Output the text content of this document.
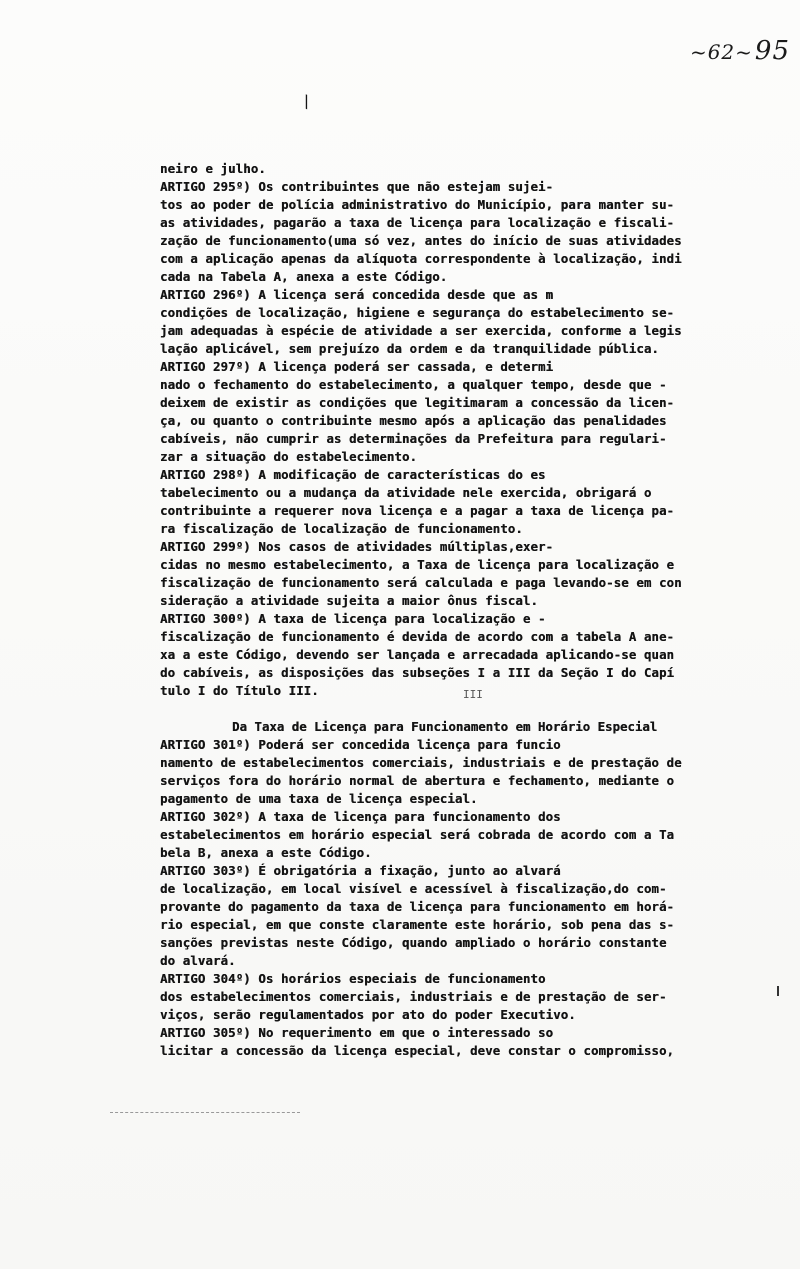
~62~95
\
neiro e julho.
ARTIGO 295º) Os contribuintes que não estejam sujei-
tos ao poder de polícia administrativo do Município, para manter su-
as atividades, pagarão a taxa de licença para localização e fiscali-
zação de funcionamento(uma só vez, antes do início de suas atividades
com a aplicação apenas da alíquota correspondente à localização, indi
cada na Tabela A, anexa a este Código.
ARTIGO 296º) A licença será concedida desde que as m
condições de localização, higiene e segurança do estabelecimento se-
jam adequadas à espécie de atividade a ser exercida, conforme a legis
lação aplicável, sem prejuízo da ordem e da tranquilidade pública.
ARTIGO 297º) A licença poderá ser cassada, e determi
nado o fechamento do estabelecimento, a qualquer tempo, desde que -
deixem de existir as condições que legitimaram a concessão da licen-
ça, ou quanto o contribuinte mesmo após a aplicação das penalidades
cabíveis, não cumprir as determinações da Prefeitura para regulari-
zar a situação do estabelecimento.
ARTIGO 298º) A modificação de características do es
tabelecimento ou a mudança da atividade nele exercida, obrigará o
contribuinte a requerer nova licença e a pagar a taxa de licença pa-
ra fiscalização de localização de funcionamento.
ARTIGO 299º) Nos casos de atividades múltiplas,exer-
cidas no mesmo estabelecimento, a Taxa de licença para localização e
fiscalização de funcionamento será calculada e paga levando-se em con
sideração a atividade sujeita a maior ônus fiscal.
ARTIGO 300º) A taxa de licença para localização e -
fiscalização de funcionamento é devida de acordo com a tabela A ane-
xa a este Código, devendo ser lançada e arrecadada aplicando-se quan
do cabíveis, as disposições das subseções I a III da Seção I do Capí
tulo I do Título III.	III
Da Taxa de Licença para Funcionamento em Horário Especial
ARTIGO 301º) Poderá ser concedida licença para funcio
namento de estabelecimentos comerciais, industriais e de prestação de
serviços fora do horário normal de abertura e fechamento, mediante o
pagamento de uma taxa de licença especial.
ARTIGO 302º) A taxa de licença para funcionamento dos
estabelecimentos em horário especial será cobrada de acordo com a Ta
bela B, anexa a este Código.
ARTIGO 303º) É obrigatória a fixação, junto ao alvará
de localização, em local visível e acessível à fiscalização,do com-
provante do pagamento da taxa de licença para funcionamento em horá-
rio especial, em que conste claramente este horário, sob pena das s-
sanções previstas neste Código, quando ampliado o horário constante
do alvará.
ARTIGO 304º) Os horários especiais de funcionamento
dos estabelecimentos comerciais, industriais e de prestação de ser-
viços, serão regulamentados por ato do poder Executivo.
ARTIGO 305º) No requerimento em que o interessado so
licitar a concessão da licença especial, deve constar o compromisso,
